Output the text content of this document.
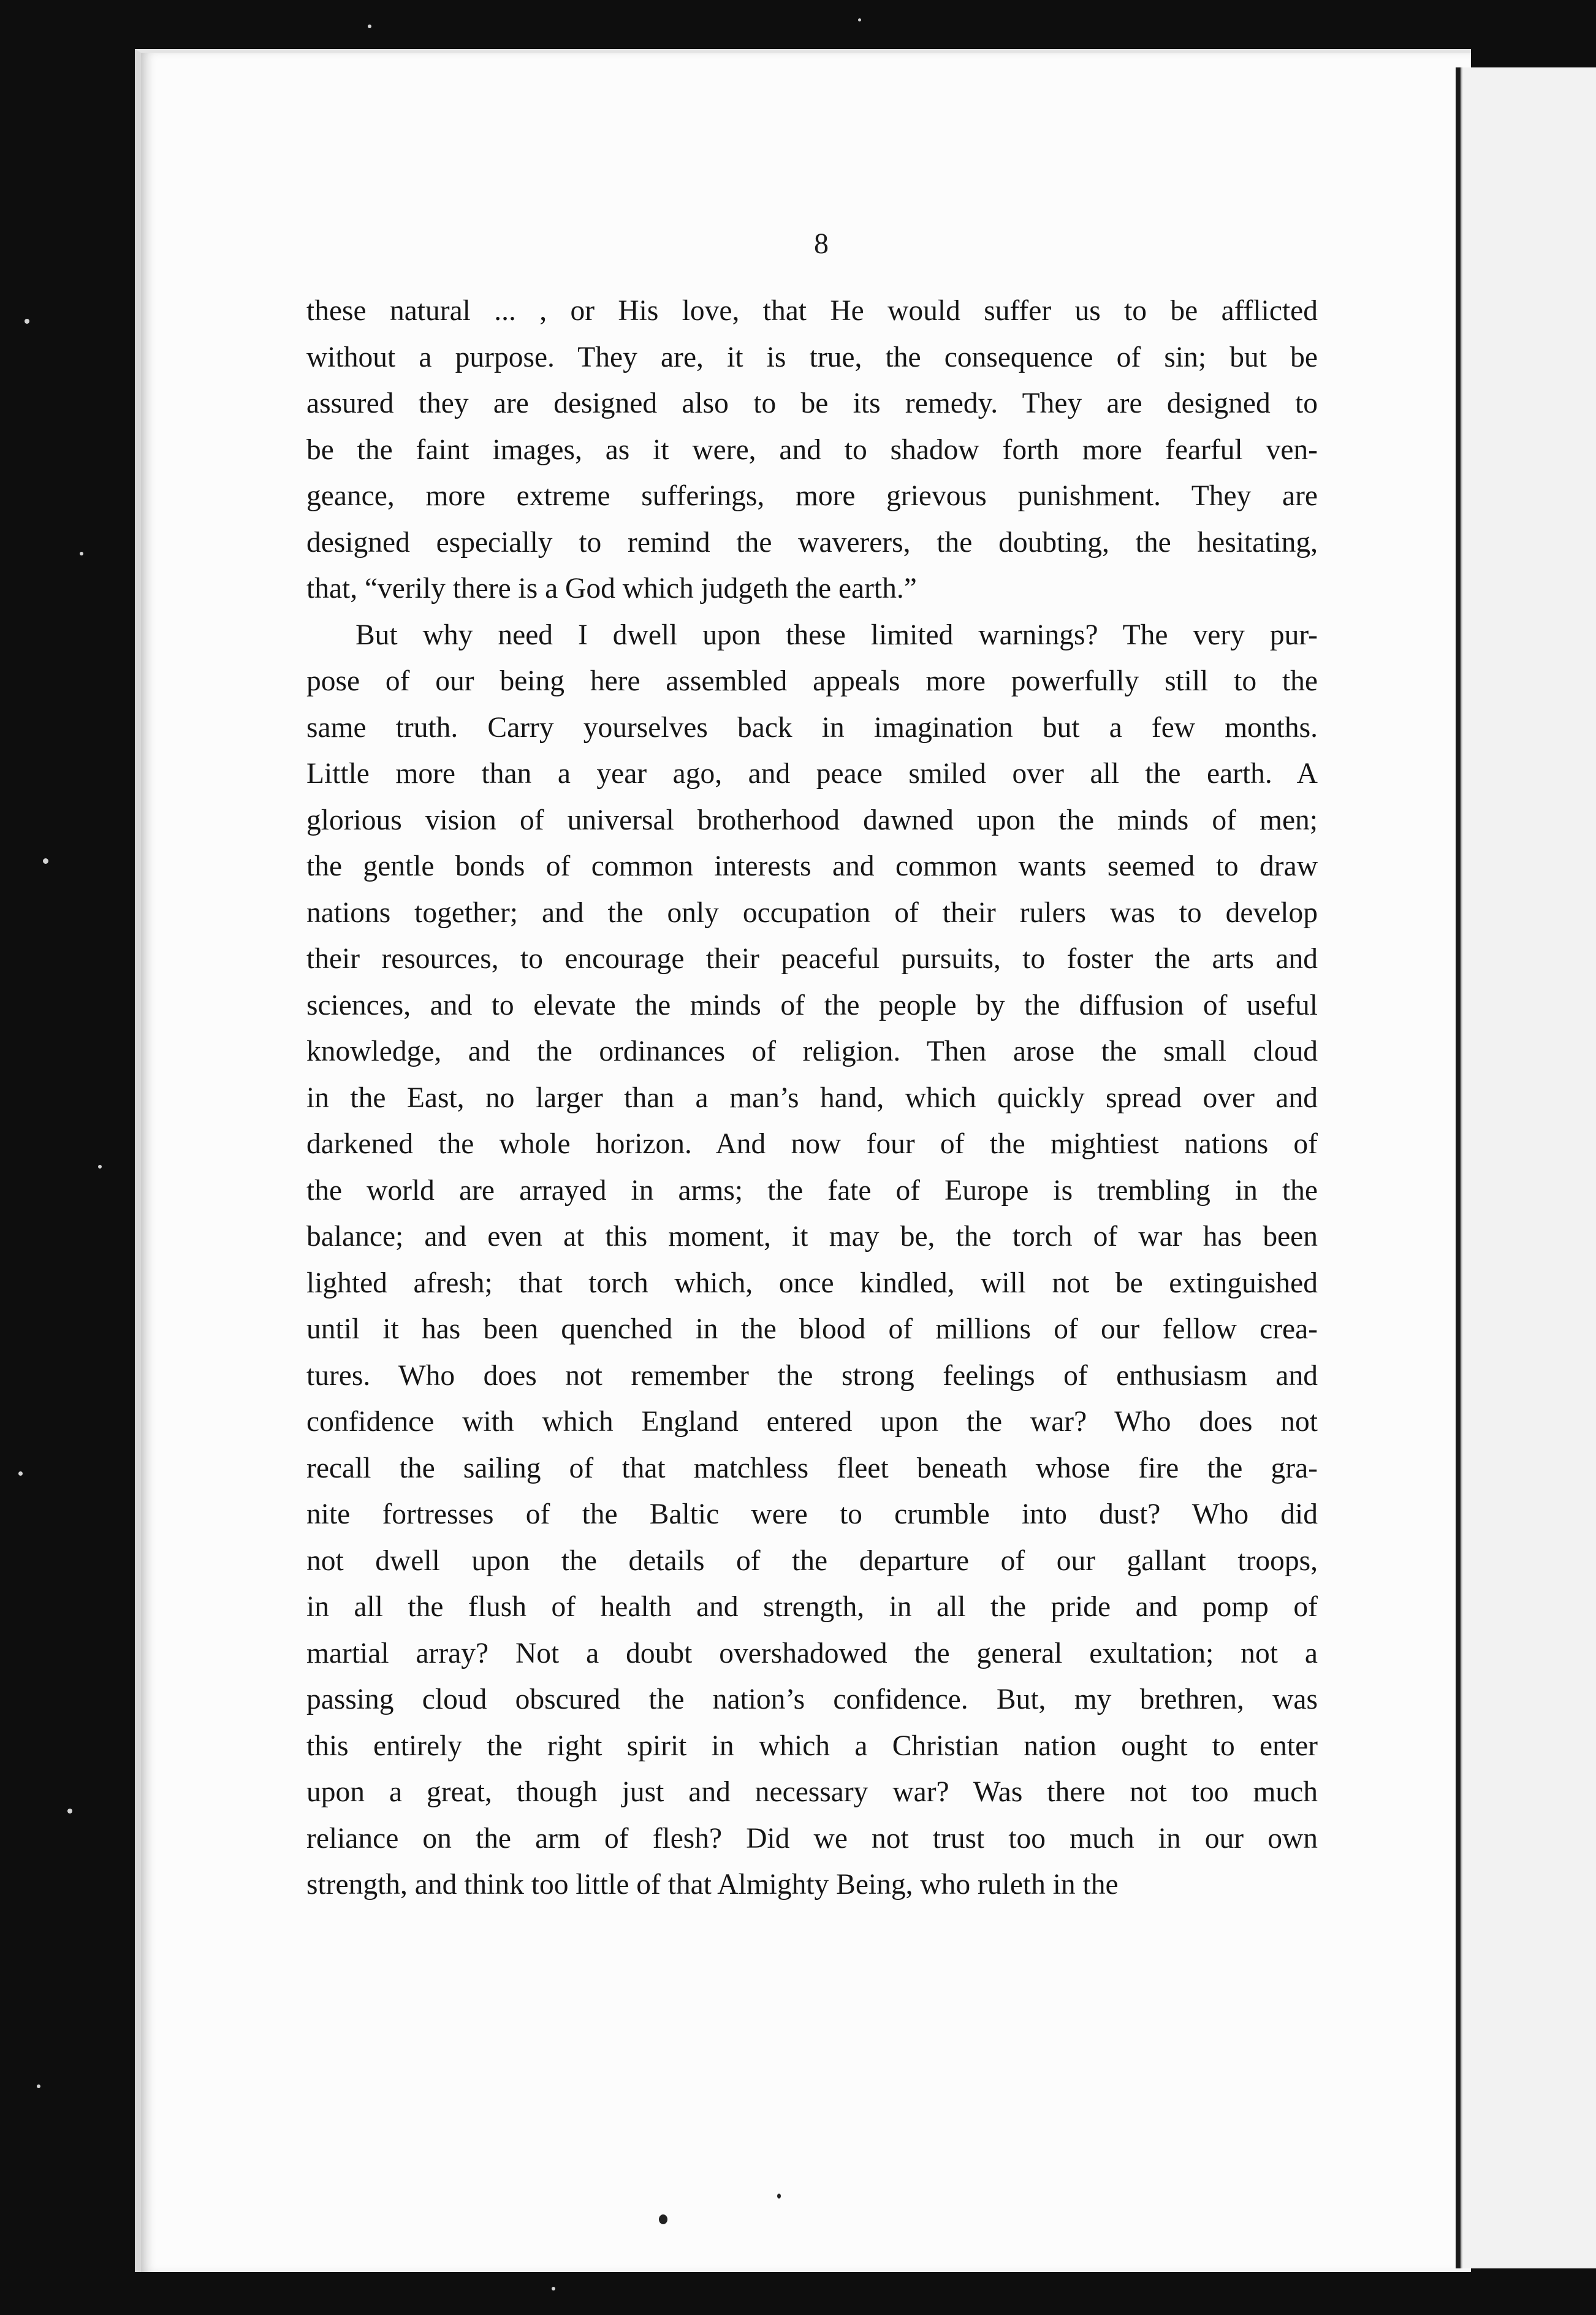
8
these natural ... , or His love, that He would suffer us to be afflicted
without a purpose. They are, it is true, the consequence of sin; but be
assured they are designed also to be its remedy. They are designed to
be the faint images, as it were, and to shadow forth more fearful ven-
geance, more extreme sufferings, more grievous punishment. They are
designed especially to remind the waverers, the doubting, the hesitating,
that, “verily there is a God which judgeth the earth.”
But why need I dwell upon these limited warnings? The very pur-
pose of our being here assembled appeals more powerfully still to the
same truth. Carry yourselves back in imagination but a few months.
Little more than a year ago, and peace smiled over all the earth. A
glorious vision of universal brotherhood dawned upon the minds of men;
the gentle bonds of common interests and common wants seemed to draw
nations together; and the only occupation of their rulers was to develop
their resources, to encourage their peaceful pursuits, to foster the arts and
sciences, and to elevate the minds of the people by the diffusion of useful
knowledge, and the ordinances of religion. Then arose the small cloud
in the East, no larger than a man’s hand, which quickly spread over and
darkened the whole horizon. And now four of the mightiest nations of
the world are arrayed in arms; the fate of Europe is trembling in the
balance; and even at this moment, it may be, the torch of war has been
lighted afresh; that torch which, once kindled, will not be extinguished
until it has been quenched in the blood of millions of our fellow crea-
tures. Who does not remember the strong feelings of enthusiasm and
confidence with which England entered upon the war? Who does not
recall the sailing of that matchless fleet beneath whose fire the gra-
nite fortresses of the Baltic were to crumble into dust? Who did
not dwell upon the details of the departure of our gallant troops,
in all the flush of health and strength, in all the pride and pomp of
martial array? Not a doubt overshadowed the general exultation; not a
passing cloud obscured the nation’s confidence. But, my brethren, was
this entirely the right spirit in which a Christian nation ought to enter
upon a great, though just and necessary war? Was there not too much
reliance on the arm of flesh? Did we not trust too much in our own
strength, and think too little of that Almighty Being, who ruleth in the
